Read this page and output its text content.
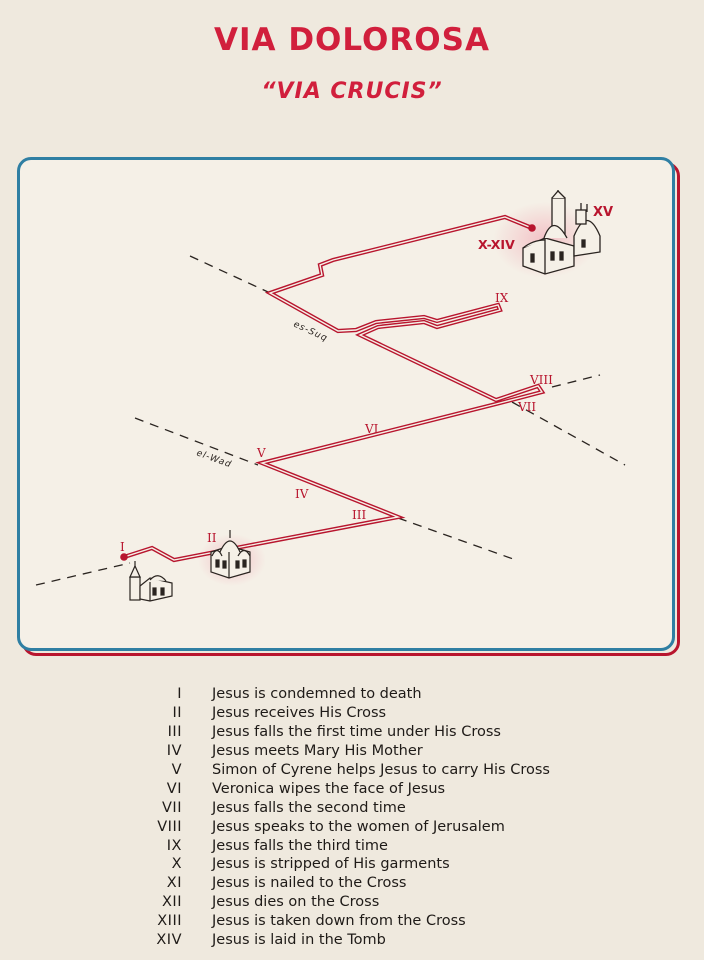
VIA DOLOROSA
“VIA CRUCIS”
es-Suq
el-Wad
I
II
III
IV
V
VI
VII
VIII
IX
X-XIV
XV
I	Jesus is condemned to death
II	Jesus receives His Cross
III	Jesus falls the first time under His Cross
IV	Jesus meets Mary His Mother
V	Simon of Cyrene helps Jesus to carry His Cross
VI	Veronica wipes the face of Jesus
VII	Jesus falls the second time
VIII	Jesus speaks to the women of Jerusalem
IX	Jesus falls the third time
X	Jesus is stripped of His garments
XI	Jesus is nailed to the Cross
XII	Jesus dies on the Cross
XIII	Jesus is taken down from the Cross
XIV	Jesus is laid in the Tomb
